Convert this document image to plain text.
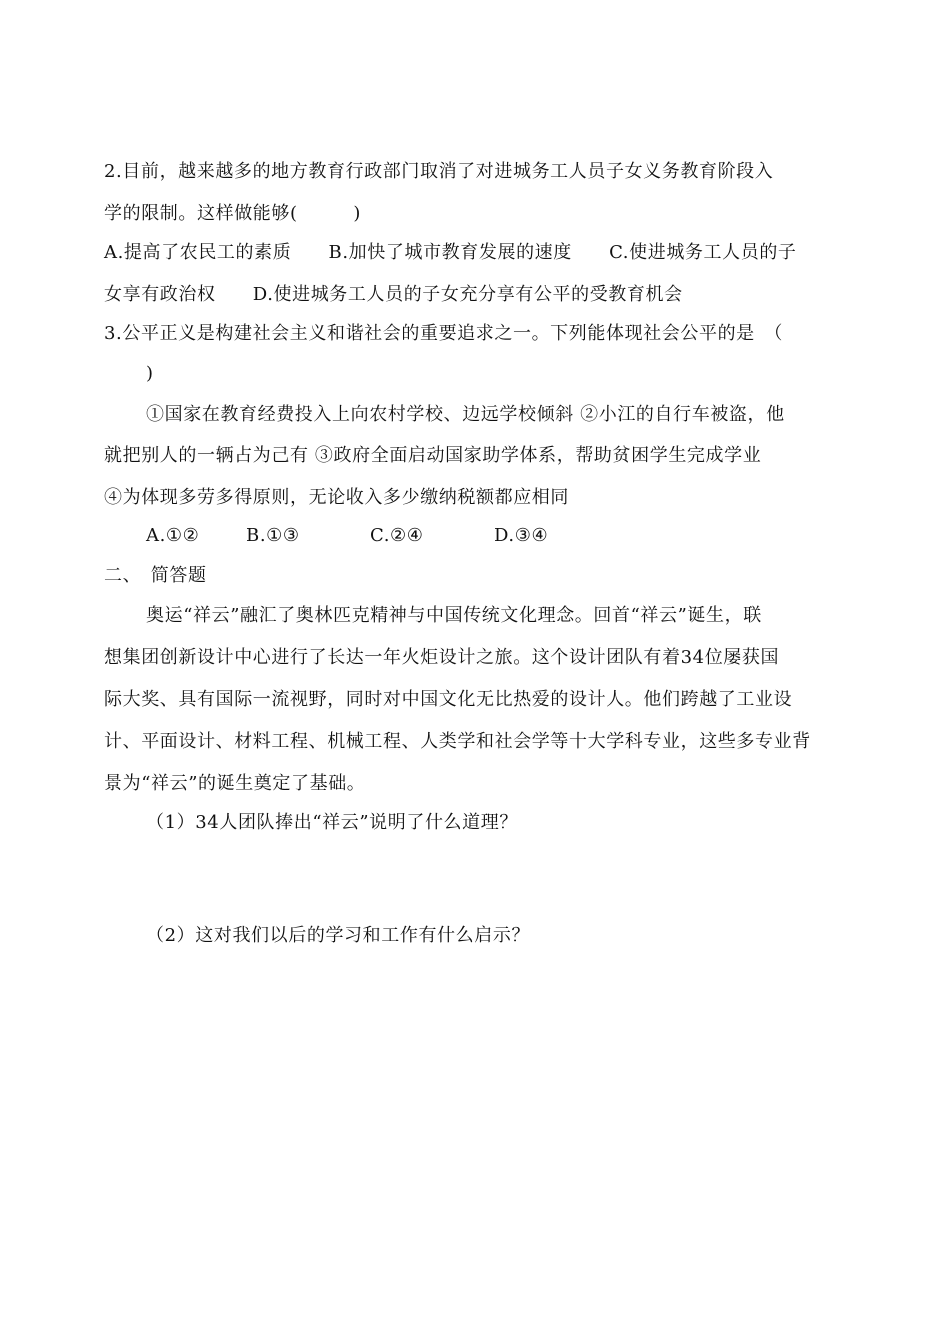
2.目前，越来越多的地方教育行政部门取消了对进城务工人员子女义务教育阶段入
学的限制。这样做能够(　　　)
A.提高了农民工的素质　　B.加快了城市教育发展的速度　　C.使进城务工人员的子
女享有政治权　　D.使进城务工人员的子女充分享有公平的受教育机会
3.公平正义是构建社会主义和谐社会的重要追求之一。下列能体现社会公平的是　（
)
①国家在教育经费投入上向农村学校、边远学校倾斜 ②小江的自行车被盗，他
就把别人的一辆占为己有 ③政府全面启动国家助学体系，帮助贫困学生完成学业
④为体现多劳多得原则，无论收入多少缴纳税额都应相同
A.①②	B.①③	C.②④	D.③④
二、　简答题
奥运“祥云”融汇了奥林匹克精神与中国传统文化理念。回首“祥云”诞生，联
想集团创新设计中心进行了长达一年火炬设计之旅。这个设计团队有着34位屡获国
际大奖、具有国际一流视野，同时对中国文化无比热爱的设计人。他们跨越了工业设
计、平面设计、材料工程、机械工程、人类学和社会学等十大学科专业，这些多专业背
景为“祥云”的诞生奠定了基础。
（1）34人团队捧出“祥云”说明了什么道理？
（2）这对我们以后的学习和工作有什么启示？
